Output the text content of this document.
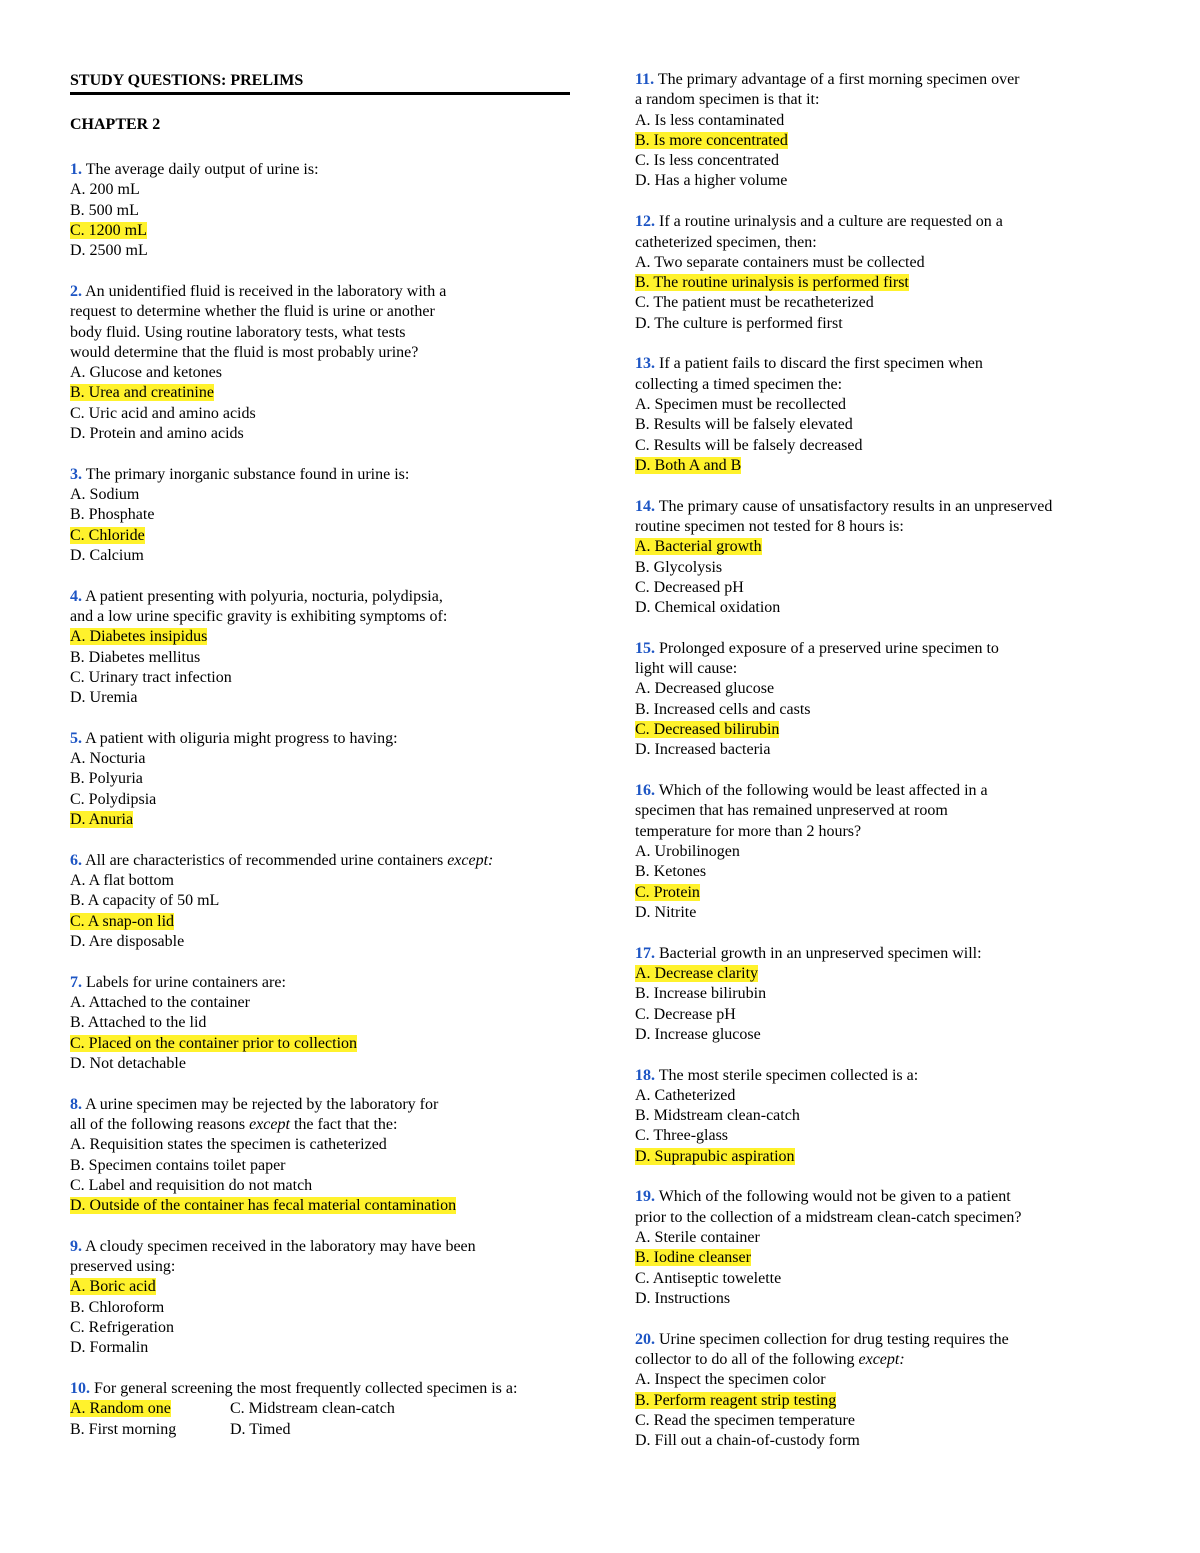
STUDY QUESTIONS: PRELIMS
CHAPTER 2
1. The average daily output of urine is:
A. 200 mL
B. 500 mL
C. 1200 mL
D. 2500 mL
2. An unidentified fluid is received in the laboratory with a
request to determine whether the fluid is urine or another
body fluid. Using routine laboratory tests, what tests
would determine that the fluid is most probably urine?
A. Glucose and ketones
B. Urea and creatinine
C. Uric acid and amino acids
D. Protein and amino acids
3. The primary inorganic substance found in urine is:
A. Sodium
B. Phosphate
C. Chloride
D. Calcium
4. A patient presenting with polyuria, nocturia, polydipsia,
and a low urine specific gravity is exhibiting symptoms of:
A. Diabetes insipidus
B. Diabetes mellitus
C. Urinary tract infection
D. Uremia
5. A patient with oliguria might progress to having:
A. Nocturia
B. Polyuria
C. Polydipsia
D. Anuria
6. All are characteristics of recommended urine containers except:
A. A flat bottom
B. A capacity of 50 mL
C. A snap-on lid
D. Are disposable
7. Labels for urine containers are:
A. Attached to the container
B. Attached to the lid
C. Placed on the container prior to collection
D. Not detachable
8. A urine specimen may be rejected by the laboratory for
all of the following reasons except the fact that the:
A. Requisition states the specimen is catheterized
B. Specimen contains toilet paper
C. Label and requisition do not match
D. Outside of the container has fecal material contamination
9. A cloudy specimen received in the laboratory may have been
preserved using:
A. Boric acid
B. Chloroform
C. Refrigeration
D. Formalin
10. For general screening the most frequently collected specimen is a:
A. Random one	C. Midstream clean-catch
B. First morning	D. Timed
11. The primary advantage of a first morning specimen over
a random specimen is that it:
A. Is less contaminated
B. Is more concentrated
C. Is less concentrated
D. Has a higher volume
12. If a routine urinalysis and a culture are requested on a
catheterized specimen, then:
A. Two separate containers must be collected
B. The routine urinalysis is performed first
C. The patient must be recatheterized
D. The culture is performed first
13. If a patient fails to discard the first specimen when
collecting a timed specimen the:
A. Specimen must be recollected
B. Results will be falsely elevated
C. Results will be falsely decreased
D. Both A and B
14. The primary cause of unsatisfactory results in an unpreserved
routine specimen not tested for 8 hours is:
A. Bacterial growth
B. Glycolysis
C. Decreased pH
D. Chemical oxidation
15. Prolonged exposure of a preserved urine specimen to
light will cause:
A. Decreased glucose
B. Increased cells and casts
C. Decreased bilirubin
D. Increased bacteria
16. Which of the following would be least affected in a
specimen that has remained unpreserved at room
temperature for more than 2 hours?
A. Urobilinogen
B. Ketones
C. Protein
D. Nitrite
17. Bacterial growth in an unpreserved specimen will:
A. Decrease clarity
B. Increase bilirubin
C. Decrease pH
D. Increase glucose
18. The most sterile specimen collected is a:
A. Catheterized
B. Midstream clean-catch
C. Three-glass
D. Suprapubic aspiration
19. Which of the following would not be given to a patient
prior to the collection of a midstream clean-catch specimen?
A. Sterile container
B. Iodine cleanser
C. Antiseptic towelette
D. Instructions
20. Urine specimen collection for drug testing requires the
collector to do all of the following except:
A. Inspect the specimen color
B. Perform reagent strip testing
C. Read the specimen temperature
D. Fill out a chain-of-custody form
